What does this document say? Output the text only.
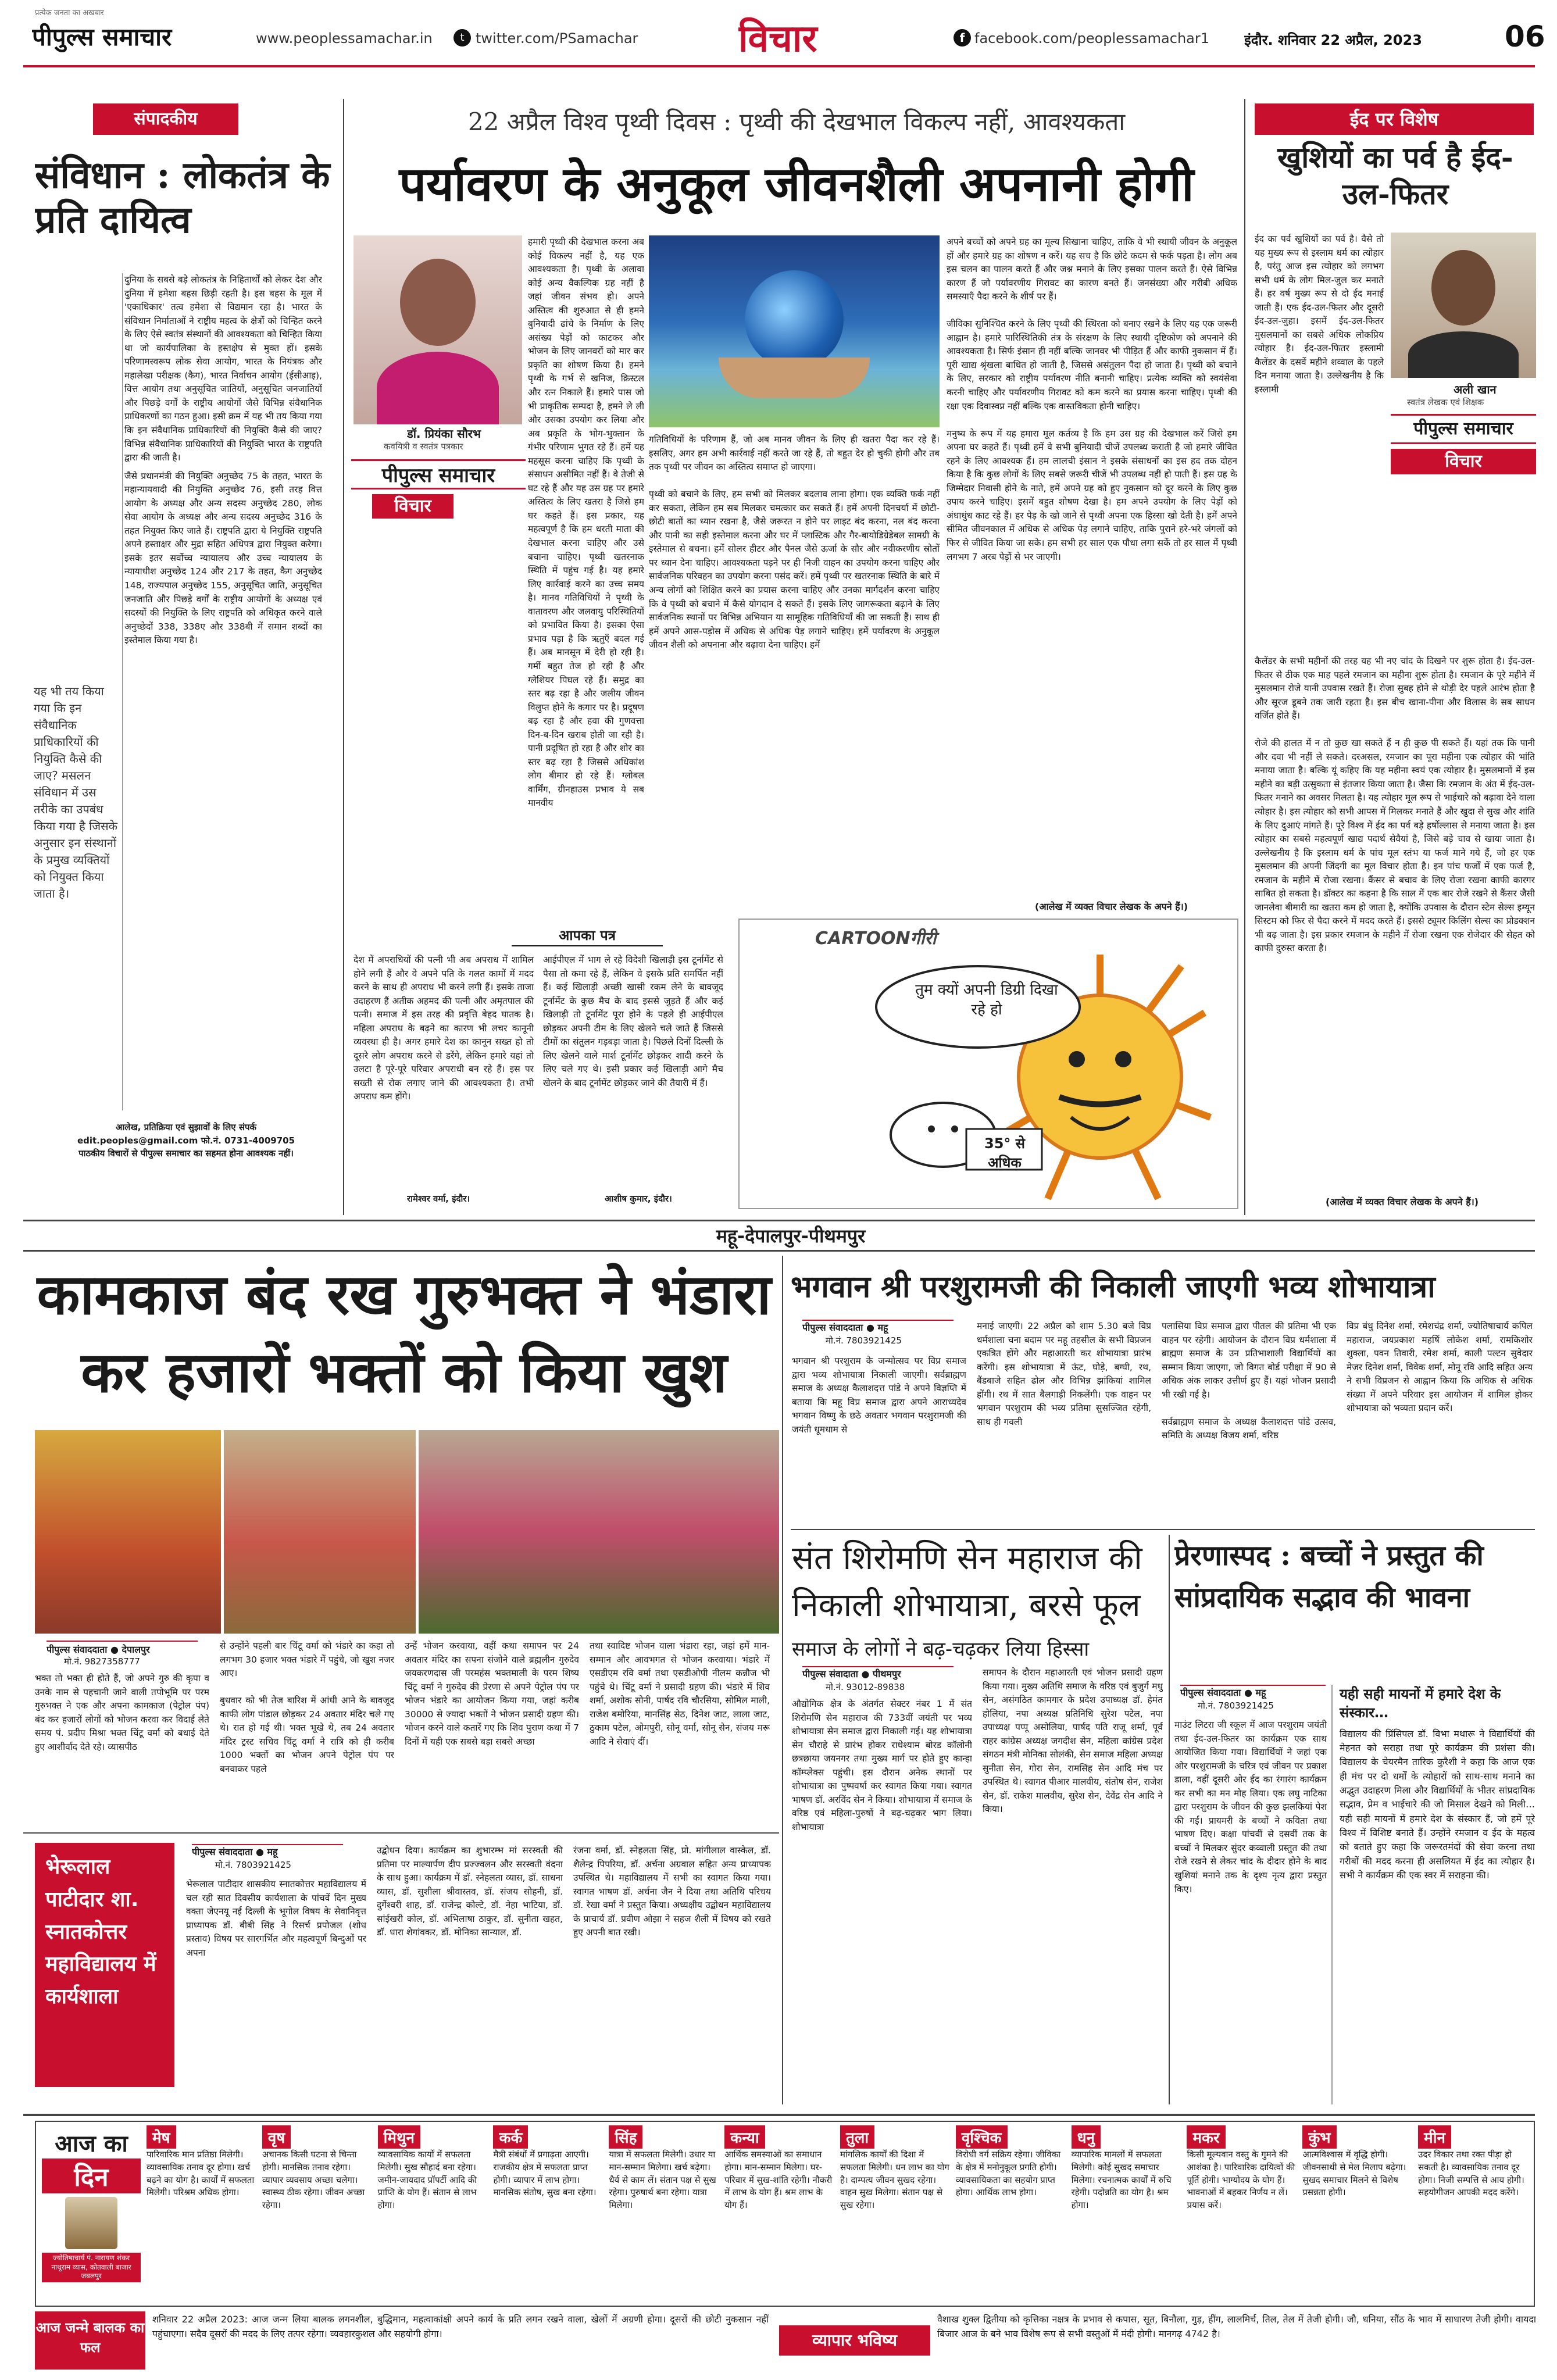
प्रत्येक जनता का अखबार
पीपुल्स समाचार	www.peoplessamachar.in	t twitter.com/PSamachar	विचार	f facebook.com/peoplessamachar1	इंदौर. शनिवार 22 अप्रैल, 2023	06
संपादकीय
संविधान : लोकतंत्र के प्रति दायित्व

दुनिया के सबसे बड़े लोकतंत्र के निहितार्थों को लेकर देश और दुनिया में हमेशा बहस छिड़ी रहती है। इस बहस के मूल में 'एकाधिकार' तत्व हमेशा से विद्यमान रहा है। भारत के संविधान निर्माताओं ने राष्ट्रीय महत्व के क्षेत्रों को चिन्हित करने के लिए ऐसे स्वतंत्र संस्थानों की आवश्यकता को चिन्हित किया था जो कार्यपालिका के हस्तक्षेप से मुक्त हों। इसके परिणामस्वरूप लोक सेवा आयोग, भारत के नियंत्रक और महालेखा परीक्षक (कैग), भारत निर्वाचन आयोग (ईसीआइ), वित्त आयोग तथा अनुसूचित जातियों, अनुसूचित जनजातियों और पिछड़े वर्गों के राष्ट्रीय आयोगों जैसे विभिन्न संवैधानिक प्राधिकरणों का गठन हुआ। इसी क्रम में यह भी तय किया गया कि इन संवैधानिक प्राधिकारियों की नियुक्ति कैसे की जाए? विभिन्न संवैधानिक प्राधिकारियों की नियुक्ति भारत के राष्ट्रपति द्वारा की जाती है।

जैसे प्रधानमंत्री की नियुक्ति अनुच्छेद 75 के तहत, भारत के महान्यायवादी की नियुक्ति अनुच्छेद 76, इसी तरह वित्त आयोग के अध्यक्ष और अन्य सदस्य अनुच्छेद 280, लोक सेवा आयोग के अध्यक्ष और अन्य सदस्य अनुच्छेद 316 के तहत नियुक्त किए जाते हैं। राष्ट्रपति द्वारा ये नियुक्ति राष्ट्रपति अपने हस्ताक्षर और मुद्रा सहित अधिपत्र द्वारा नियुक्त करेगा। इसके इतर सर्वोच्च न्यायालय और उच्च न्यायालय के न्यायाधीश अनुच्छेद 124 और 217 के तहत, कैग अनुच्छेद 148, राज्यपाल अनुच्छेद 155, अनुसूचित जाति, अनुसूचित जनजाति और पिछड़े वर्गों के राष्ट्रीय आयोगों के अध्यक्ष एवं सदस्यों की नियुक्ति के लिए राष्ट्रपति को अधिकृत करने वाले अनुच्छेदों 338, 338ए और 338बी में समान शब्दों का इस्तेमाल किया गया है।

यह भी तय किया गया कि इन संवैधानिक प्राधिकारियों की नियुक्ति कैसे की जाए? मसलन संविधान में उस तरीके का उपबंध किया गया है जिसके अनुसार इन संस्थानों के प्रमुख व्यक्तियों को नियुक्त किया जाता है।
आलेख, प्रतिक्रिया एवं सुझावों के लिए संपर्क
edit.peoples@gmail.com फो.नं. 0731-4009705
पाठकीय विचारों से पीपुल्स समाचार का सहमत होना आवश्यक नहीं।
22 अप्रैल विश्व पृथ्वी दिवस : पृथ्वी की देखभाल विकल्प नहीं, आवश्यकता
पर्यावरण के अनुकूल जीवनशैली अपनानी होगी
डॉ. प्रियंका सौरभ
कवयित्री व स्वतंत्र पत्रकार
पीपुल्स समाचार
विचार
हमारी पृथ्वी की देखभाल करना अब कोई विकल्प नहीं है, यह एक आवश्यकता है। पृथ्वी के अलावा कोई अन्य वैकल्पिक ग्रह नहीं है जहां जीवन संभव हो। अपने अस्तित्व की शुरुआत से ही हमने बुनियादी ढांचे के निर्माण के लिए असंख्य पेड़ों को काटकर और भोजन के लिए जानवरों को मार कर प्रकृति का शोषण किया है। हमने पृथ्वी के गर्भ से खनिज, क्रिस्टल और रत्न निकाले हैं। हमारे पास जो भी प्राकृतिक सम्पदा है, हमने ले ली और उसका उपयोग कर लिया और अब प्रकृति के भोग-भुक्तान के गंभीर परिणाम भुगत रहे हैं। हमें यह महसूस करना चाहिए कि पृथ्वी के संसाधन असीमित नहीं हैं। वे तेजी से घट रहे हैं और यह उस ग्रह पर हमारे अस्तित्व के लिए खतरा है जिसे हम घर कहते हैं। इस प्रकार, यह महत्वपूर्ण है कि हम धरती माता की देखभाल करना चाहिए और उसे बचाना चाहिए। पृथ्वी खतरनाक स्थिति में पहुंच गई है। यह हमारे लिए कार्रवाई करने का उच्च समय है। मानव गतिविधियों ने पृथ्वी के वातावरण और जलवायु परिस्थितियों को प्रभावित किया है। इसका ऐसा प्रभाव पड़ा है कि ऋतुएँ बदल गई हैं। अब मानसून में देरी हो रही है। गर्मी बहुत तेज हो रही है और ग्लेशियर पिघल रहे हैं। समुद्र का स्तर बढ़ रहा है और जलीय जीवन विलुप्त होने के कगार पर है। प्रदूषण बढ़ रहा है और हवा की गुणवत्ता दिन-ब-दिन खराब होती जा रही है। पानी प्रदूषित हो रहा है और शोर का स्तर बढ़ रहा है जिससे अधिकांश लोग बीमार हो रहे हैं। ग्लोबल वार्मिंग, ग्रीनहाउस प्रभाव ये सब मानवीय
गतिविधियों के परिणाम हैं, जो अब मानव जीवन के लिए ही खतरा पैदा कर रहे हैं। इसलिए, अगर हम अभी कार्रवाई नहीं करते जा रहे हैं, तो बहुत देर हो चुकी होगी और तब तक पृथ्वी पर जीवन का अस्तित्व समाप्त हो जाएगा।

पृथ्वी को बचाने के लिए, हम सभी को मिलकर बदलाव लाना होगा। एक व्यक्ति फर्क नहीं कर सकता, लेकिन हम सब मिलकर चमत्कार कर सकते हैं। हमें अपनी दिनचर्या में छोटी-छोटी बातों का ध्यान रखना है, जैसे जरूरत न होने पर लाइट बंद करना, नल बंद करना और पानी का सही इस्तेमाल करना और घर में प्लास्टिक और गैर-बायोडिग्रेडेबल सामग्री के इस्तेमाल से बचना। हमें सोलर हीटर और पैनल जैसे ऊर्जा के सौर और नवीकरणीय स्रोतों पर ध्यान देना चाहिए। आवश्यकता पड़ने पर ही निजी वाहन का उपयोग करना चाहिए और सार्वजनिक परिवहन का उपयोग करना पसंद करें। हमें पृथ्वी पर खतरनाक स्थिति के बारे में अन्य लोगों को शिक्षित करने का प्रयास करना चाहिए और उनका मार्गदर्शन करना चाहिए कि वे पृथ्वी को बचाने में कैसे योगदान दे सकते हैं। इसके लिए जागरूकता बढ़ाने के लिए सार्वजनिक स्थानों पर विभिन्न अभियान या सामूहिक गतिविधियाँ की जा सकती हैं। साथ ही हमें अपने आस-पड़ोस में अधिक से अधिक पेड़ लगाने चाहिए। हमें पर्यावरण के अनुकूल जीवन शैली को अपनाना और बढ़ावा देना चाहिए। हमें
अपने बच्चों को अपने ग्रह का मूल्य सिखाना चाहिए, ताकि वे भी स्थायी जीवन के अनुकूल हों और हमारे ग्रह का शोषण न करें। यह सच है कि छोटे कदम से फर्क पड़ता है। लोग अब इस चलन का पालन करते हैं और जश्न मनाने के लिए इसका पालन करते हैं। ऐसे विभिन्न कारण हैं जो पर्यावरणीय गिरावट का कारण बनते हैं। जनसंख्या और गरीबी अधिक समस्याएँ पैदा करने के शीर्ष पर हैं।

जीविका सुनिश्चित करने के लिए पृथ्वी की स्थिरता को बनाए रखने के लिए यह एक जरूरी आह्वान है। हमारे पारिस्थितिकी तंत्र के संरक्षण के लिए स्थायी दृष्टिकोण को अपनाने की आवश्यकता है। सिर्फ इंसान ही नहीं बल्कि जानवर भी पीड़ित हैं और काफी नुकसान में हैं। पूरी खाद्य श्रृंखला बाधित हो जाती है, जिससे असंतुलन पैदा हो जाता है। पृथ्वी को बचाने के लिए, सरकार को राष्ट्रीय पर्यावरण नीति बनानी चाहिए। प्रत्येक व्यक्ति को स्वयंसेवा करनी चाहिए और पर्यावरणीय गिरावट को कम करने का प्रयास करना चाहिए। पृथ्वी की रक्षा एक दिवास्वप्न नहीं बल्कि एक वास्तविकता होनी चाहिए।

मनुष्य के रूप में यह हमारा मूल कर्तव्य है कि हम उस ग्रह की देखभाल करें जिसे हम अपना घर कहते हैं। पृथ्वी हमें वे सभी बुनियादी चीजें उपलब्ध कराती है जो हमारे जीवित रहने के लिए आवश्यक हैं। हम लालची इंसान ने इसके संसाधनों का इस हद तक दोहन किया है कि कुछ लोगों के लिए सबसे जरूरी चीजें भी उपलब्ध नहीं हो पाती हैं। इस ग्रह के जिम्मेदार निवासी होने के नाते, हमें अपने ग्रह को हुए नुकसान को दूर करने के लिए कुछ उपाय करने चाहिए। इसमें बहुत शोषण देखा है। हम अपने उपयोग के लिए पेड़ों को अंधाधुंध काट रहे हैं। हर पेड़ के खो जाने से पृथ्वी अपना एक हिस्सा खो देती है। हमें अपने सीमित जीवनकाल में अधिक से अधिक पेड़ लगाने चाहिए, ताकि पुराने हरे-भरे जंगलों को फिर से जीवित किया जा सके। हम सभी हर साल एक पौधा लगा सकें तो हर साल में पृथ्वी लगभग 7 अरब पेड़ों से भर जाएगी।
(आलेख में व्यक्त विचार लेखक के अपने हैं।)
आपका पत्र
देश में अपराधियों की पत्नी भी अब अपराध में शामिल होने लगी हैं और वे अपने पति के गलत कामों में मदद करने के साथ ही अपराध भी करने लगी हैं। इसके ताजा उदाहरण हैं अतीक अहमद की पत्नी और अमृतपाल की पत्नी। समाज में इस तरह की प्रवृत्ति बेहद घातक है। महिला अपराध के बढ़ने का कारण भी लचर कानूनी व्यवस्था ही है। अगर हमारे देश का कानून सख्त हो तो दूसरे लोग अपराध करने से डरेंगे, लेकिन हमारे यहां तो उलटा है पूरे-पूरे परिवार अपराधी बन रहे हैं। इस पर सख्ती से रोक लगाए जाने की आवश्यकता है। तभी अपराध कम होंगे।
रामेश्वर वर्मा, इंदौर।
आईपीएल में भाग ले रहे विदेशी खिलाड़ी इस टूर्नामेंट से पैसा तो कमा रहे हैं, लेकिन वे इसके प्रति समर्पित नहीं हैं। कई खिलाड़ी अच्छी खासी रकम लेने के बावजूद टूर्नामेंट के कुछ मैच के बाद इससे जुड़ते हैं और कई खिलाड़ी तो टूर्नामेंट पूरा होने के पहले ही आईपीएल छोड़कर अपनी टीम के लिए खेलने चले जाते हैं जिससे टीमों का संतुलन गड़बड़ा जाता है। पिछले दिनों दिल्ली के लिए खेलने वाले मार्श टूर्नामेंट छोड़कर शादी करने के लिए चले गए थे। इसी प्रकार कई खिलाड़ी आगे मैच खेलने के बाद टूर्नामेंट छोड़कर जाने की तैयारी में हैं।
आशीष कुमार, इंदौर।
CARTOONगीरी
तुम क्यों अपनी डिग्री दिखा रहे हो
35° से अधिक
ईद पर विशेष
खुशियों का पर्व है ईद-उल-फितर
ईद का पर्व खुशियों का पर्व है। वैसे तो यह मुख्य रूप से इस्लाम धर्म का त्योहार है, परंतु आज इस त्योहार को लगभग सभी धर्म के लोग मिल-जुल कर मनाते हैं। हर वर्ष मुख्य रूप से दो ईद मनाई जाती हैं। एक ईद-उल-फितर और दूसरी ईद-उल-जुहा। इसमें ईद-उल-फितर मुसलमानों का सबसे अधिक लोकप्रिय त्योहार है। ईद-उल-फितर इस्लामी कैलेंडर के दसवें महीने शव्वाल के पहले दिन मनाया जाता है। उल्लेखनीय है कि इस्लामी	अली खान
स्वतंत्र लेखक एवं शिक्षक
पीपुल्स समाचार
विचार
कैलेंडर के सभी महीनों की तरह यह भी नए चांद के दिखने पर शुरू होता है। ईद-उल-फितर से ठीक एक माह पहले रमजान का महीना शुरू होता है। रमजान के पूरे महीने में मुसलमान रोजे यानी उपवास रखते हैं। रोजा सुबह होने से थोड़ी देर पहले आरंभ होता है और सूरज डूबने तक जारी रहता है। इस बीच खाना-पीना और विलास के सब साधन वर्जित होते हैं।

रोजे की हालत में न तो कुछ खा सकते हैं न ही कुछ पी सकते हैं। यहां तक कि पानी और दवा भी नहीं ले सकते। दरअसल, रमजान का पूरा महीना एक त्योहार की भांति मनाया जाता है। बल्कि यूं कहिए कि यह महीना स्वयं एक त्योहार है। मुसलमानों में इस महीने का बड़ी उत्सुकता से इंतजार किया जाता है। जैसा कि रमजान के अंत में ईद-उल-फितर मनाने का अवसर मिलता है। यह त्योहार मूल रूप से भाईचारे को बढ़ावा देने वाला त्योहार है। इस त्योहार को सभी आपस में मिलकर मनाते हैं और खुदा से सुख और शांति के लिए दुआएं मांगते हैं। पूरे विश्व में ईद का पर्व बड़े हर्षोल्लास से मनाया जाता है। इस त्योहार का सबसे महत्वपूर्ण खाद्य पदार्थ सेवैयां है, जिसे बड़े चाव से खाया जाता है। उल्लेखनीय है कि इस्लाम धर्म के पांच मूल स्तंभ या फर्ज माने गये हैं, जो हर एक मुसलमान की अपनी जिंदगी का मूल विचार होता है। इन पांच फर्जों में एक फर्ज है, रमजान के महीने में रोजा रखना। कैंसर से बचाव के लिए रोजा रखना काफी कारगर साबित हो सकता है। डॉक्टर का कहना है कि साल में एक बार रोजे रखने से कैंसर जैसी जानलेवा बीमारी का खतरा कम हो जाता है, क्योंकि उपवास के दौरान स्टेम सेल्स इम्यून सिस्टम को फिर से पैदा करने में मदद करते हैं। इससे ट्यूमर किलिंग सेल्स का प्रोडक्शन भी बढ़ जाता है। इस प्रकार रमजान के महीने में रोजा रखना एक रोजेदार की सेहत को काफी दुरुस्त करता है।
(आलेख में व्यक्त विचार लेखक के अपने हैं।)
महू-देपालपुर-पीथमपुर
कामकाज बंद रख गुरुभक्त ने भंडारा कर हजारों भक्तों को किया खुश
पीपुल्स संवाददाता ● देपालपुर
मो.नं. 9827358777
भक्त तो भक्त ही होते हैं, जो अपने गुरु की कृपा व उनके नाम से पहचानी जाने वाली तपोभूमि पर परम गुरुभक्त ने एक और अपना कामकाज (पेट्रोल पंप) बंद कर हजारों लोगों को भोजन करवा कर विदाई लेते समय पं. प्रदीप मिश्रा भक्त चिंटू वर्मा को बधाई देते हुए आशीर्वाद देते रहे। व्यासपीठ
से उन्होंने पहली बार चिंटू वर्मा को भंडारे का कहा तो लगभग 30 हजार भक्त भंडारे में पहुंचे, जो खुश नजर आए।

बुधवार को भी तेज बारिश में आंधी आने के बावजूद काफी लोग पांडाल छोड़कर 24 अवतार मंदिर चले गए थे। रात हो गई थी। भक्त भूखे थे, तब 24 अवतार मंदिर ट्रस्ट सचिव चिंटू वर्मा ने रात्रि को ही करीब 1000 भक्तों का भोजन अपने पेट्रोल पंप पर बनवाकर पहले
उन्हें भोजन करवाया, वहीं कथा समापन पर 24 अवतार मंदिर का सपना संजोने वाले ब्रह्मलीन गुरुदेव जयकरणदास जी परमहंस भक्तमाली के परम शिष्य चिंटू वर्मा ने गुरुदेव की प्रेरणा से अपने पेट्रोल पंप पर भोजन भंडारे का आयोजन किया गया, जहां करीब 30000 से ज्यादा भक्तों ने भोजन प्रसादी ग्रहण की। भोजन करने वाले कतारें गए कि शिव पुराण कथा में 7 दिनों में यही एक सबसे बड़ा सबसे अच्छा
तथा स्वादिष्ट भोजन वाला भंडारा रहा, जहां हमें मान-सम्मान और आवभगत से भोजन करवाया। भंडारे में एसडीएम रवि वर्मा तथा एसडीओपी नीलम कन्नौज भी पहुंचे थे। चिंटू वर्मा ने प्रसादी ग्रहण की। भंडारे में शिव शर्मा, अशोक सोनी, पार्षद रवि चौरसिया, सोमिल माली, राजेश बमोरिया, मानसिंह सेठ, दिनेश जाट, लाला जाट, ठुकाम पटेल, ओमपुरी, सोनू वर्मा, सोनू सेन, संजय मरू आदि ने सेवाएं दीं।
भगवान श्री परशुरामजी की निकाली जाएगी भव्य शोभायात्रा
पीपुल्स संवाददाता ● महू
मो.नं. 7803921425
भगवान श्री परशुराम के जन्मोत्सव पर विप्र समाज द्वारा भव्य शोभायात्रा निकाली जाएगी। सर्वब्राह्मण समाज के अध्यक्ष कैलाशदत्त पांडे ने अपने विज्ञप्ति में बताया कि महू विप्र समाज द्वारा अपने आराध्यदेव भगवान विष्णु के छठे अवतार भगवान परशुरामजी की जयंती धूमधाम से
मनाई जाएगी। 22 अप्रैल को शाम 5.30 बजे विप्र धर्मशाला चना बदाम पर महू तहसील के सभी विप्रजन एकत्रित होंगे और महाआरती कर शोभायात्रा प्रारंभ करेंगी। इस शोभायात्रा में ऊंट, घोड़े, बग्घी, रथ, बैंडबाजे सहित ढोल और विभिन्न झांकियां शामिल होंगी। रथ में सात बैलगाड़ी निकलेंगी। एक वाहन पर भगवान परशुराम की भव्य प्रतिमा सुसज्जित रहेगी, साथ ही गवली
पलासिया विप्र समाज द्वारा पीतल की प्रतिमा भी एक वाहन पर रहेगी। आयोजन के दौरान विप्र धर्मशाला में ब्राह्मण समाज के उन प्रतिभाशाली विद्यार्थियों का सम्मान किया जाएगा, जो विगत बोर्ड परीक्षा में 90 से अधिक अंक लाकर उत्तीर्ण हुए हैं। यहां भोजन प्रसादी भी रखी गई है।

सर्वब्राह्मण समाज के अध्यक्ष कैलाशदत्त पांडे उत्सव, समिति के अध्यक्ष विजय शर्मा, वरिष्ठ
विप्र बंधु दिनेश शर्मा, रमेशचंद्र शर्मा, ज्योतिषाचार्य कपिल महाराज, जयप्रकाश महर्षि लोकेश शर्मा, रामकिशोर शुक्ला, पवन तिवारी, रमेश शर्मा, काली पल्टन सुवेदार मेजर दिनेश शर्मा, विवेक शर्मा, मोनू रवि आदि सहित अन्य ने सभी विप्रजन से आह्वान किया कि अधिक से अधिक संख्या में अपने परिवार इस आयोजन में शामिल होकर शोभायात्रा को भव्यता प्रदान करें।
संत शिरोमणि सेन महाराज की निकाली शोभायात्रा, बरसे फूल
समाज के लोगों ने बढ़-चढ़कर लिया हिस्सा
पीपुल्स संवादाता ● पीथमपुर
मो.नं. 93012-89838
औद्योगिक क्षेत्र के अंतर्गत सेक्टर नंबर 1 में संत शिरोमणि सेन महाराज की 733वीं जयंती पर भव्य शोभायात्रा सेन समाज द्वारा निकाली गई। यह शोभायात्रा सेन चौराहे से प्रारंभ होकर राधेश्याम बोरड कॉलोनी छत्रछाया जयनगर तथा मुख्य मार्ग पर होते हुए कान्हा कॉम्प्लेक्स पहुंची। इस दौरान अनेक स्थानों पर शोभायात्रा का पुष्पवर्षा कर स्वागत किया गया। स्वागत भाषण डॉ. अरविंद सेन ने किया। शोभायात्रा में समाज के वरिष्ठ एवं महिला-पुरुषों ने बढ़-चढ़कर भाग लिया। शोभायात्रा
समापन के दौरान महाआरती एवं भोजन प्रसादी ग्रहण किया गया। मुख्य अतिथि समाज के वरिष्ठ एवं बुजुर्ग मधु सेन, असंगठित कामगार के प्रदेश उपाध्यक्ष डॉ. हेमंत होलिया, नपा अध्यक्ष प्रतिनिधि सुरेश पटेल, नपा उपाध्यक्ष पप्पू असोलिया, पार्षद पति राजू शर्मा, पूर्व राहर कांग्रेस अध्यक्ष जगदीश सेन, महिला कांग्रेस प्रदेश संगठन मंत्री मोनिका सोलंकी, सेन समाज महिला अध्यक्ष सुनीता सेन, गोरा सेन, रामसिंह सेन आदि मंच पर उपस्थित थे। स्वागत पीआर मालवीय, संतोष सेन, राजेश सेन, डॉ. राकेश मालवीय, सुरेश सेन, देवेंद्र सेन आदि ने किया।
प्रेरणास्पद : बच्चों ने प्रस्तुत की सांप्रदायिक सद्भाव की भावना
पीपुल्स संवाददाता ● महू
मो.नं. 7803921425
माउंट लिटरा जी स्कूल में आज परशुराम जयंती तथा ईद-उल-फितर का कार्यक्रम एक साथ आयोजित किया गया। विद्यार्थियों ने जहां एक ओर परशुरामजी के चरित्र एवं जीवन पर प्रकाश डाला, वहीं दूसरी ओर ईद का रंगारंग कार्यक्रम कर सभी का मन मोह लिया। एक लघु नाटिका द्वारा परशुराम के जीवन की कुछ झलकियां पेश की गईं। प्रायमरी के बच्चों ने कविता तथा भाषण दिए। कक्षा पांचवीं से दसवीं तक के बच्चों ने मिलकर सुंदर कव्वाली प्रस्तुत की तथा रोजे रखने से लेकर चांद के दीदार होने के बाद खुशियां मनाने तक के दृश्य नृत्य द्वारा प्रस्तुत किए।
यही सही मायनों में हमारे देश के संस्कार…
विद्यालय की प्रिंसिपल डॉ. विभा मथारू ने विद्यार्थियों की मेहनत को सराहा तथा पूरे कार्यक्रम की प्रशंसा की। विद्यालय के चेयरमैन तारिक कुरैशी ने कहा कि आज एक ही मंच पर दो धर्मों के त्योहारों को साथ-साथ मनाने का अद्भुत उदाहरण मिला और विद्यार्थियों के भीतर सांप्रदायिक सद्भाव, प्रेम व भाईचारे की जो मिसाल देखने को मिली… यही सही मायनों में हमारे देश के संस्कार हैं, जो हमें पूरे विश्व में विशिष्ट बनाते हैं। उन्होंने रमजान व ईद के महत्व को बताते हुए कहा कि जरूरतमंदों की सेवा करना तथा गरीबों की मदद करना ही असलियत में ईद का त्योहार है। सभी ने कार्यक्रम की एक स्वर में सराहना की।
भेरूलाल पाटीदार शा. स्नातकोत्तर महाविद्यालय में कार्यशाला
पीपुल्स संवाददाता ● महू
मो.नं. 7803921425
भेरूलाल पाटीदार शासकीय स्नातकोत्तर महाविद्यालय में चल रही सात दिवसीय कार्यशाला के पांचवें दिन मुख्य वक्ता जेएनयू नई दिल्ली के भूगोल विषय के सेवानिवृत्त प्राध्यापक डॉ. बीबी सिंह ने रिसर्च प्रपोजल (शोध प्रस्ताव) विषय पर सारगर्भित और महत्वपूर्ण बिन्दुओं पर अपना
उद्बोधन दिया। कार्यक्रम का शुभारम्भ मां सरस्वती की प्रतिमा पर माल्यार्पण दीप प्रज्ज्वलन और सरस्वती वंदना के साथ हुआ। कार्यक्रम में डॉ. स्नेहलता व्यास, डॉ. साधना व्यास, डॉ. सुशीला श्रीवास्तव, डॉ. संजय सोहनी, डॉ. दुर्गेश्वरी शाह, डॉ. राजेन्द्र कोल्टे, डॉ. नेहा भाटिया, डॉ. सांईखरी कोल, डॉ. अभिलाषा ठाकुर, डॉ. सुनीता खहत, डॉ. धारा शेगांवकर, डॉ. मोनिका सान्याल, डॉ.
रंजना वर्मा, डॉ. स्नेहलता सिंह, प्रो. मांगीलाल वास्केल, डॉ. शैलेन्द्र पिपरिया, डॉ. अर्चना अग्रवाल सहित अन्य प्राध्यापक उपस्थित थे। महाविद्यालय में सभी का स्वागत किया गया। स्वागत भाषण डॉ. अर्चना जैन ने दिया तथा अतिथि परिचय डॉ. रेखा वर्मा ने प्रस्तुत किया। अध्यक्षीय उद्बोधन महाविद्यालय के प्राचार्य डॉ. प्रवीण ओझा ने सहज शैली में विषय को रखते हुए अपनी बात रखी।
आज का
दिन
ज्योतिषाचार्य पं. नारायण शंकर नाथूराम व्यास, कोतवाली बाजार जबलपुर
मेष
पारिवारिक मान प्रतिष्ठा मिलेगी। व्यावसायिक तनाव दूर होगा। खर्च बढ़ने का योग है। कार्यों में सफलता मिलेगी। परिश्रम अधिक होगा।
वृष
अचानक किसी घटना से चिन्ता होगी। मानसिक तनाव रहेगा। व्यापार व्यवसाय अच्छा चलेगा। स्वास्थ्य ठीक रहेगा। जीवन अच्छा रहेगा।
मिथुन
व्यावसायिक कार्यों में सफलता मिलेगी। सुख सौहार्द बना रहेगा। जमीन-जायदाद प्रॉपर्टी आदि की प्राप्ति के योग हैं। संतान से लाभ होगा।
कर्क
मैत्री संबंधों में प्रगाढ़ता आएगी। राजकीय क्षेत्र में सफलता प्राप्त होगी। व्यापार में लाभ होगा। मानसिक संतोष, सुख बना रहेगा।
सिंह
यात्रा में सफलता मिलेगी। उधार या मान-सम्मान मिलेगा। खर्च बढ़ेगा। धैर्य से काम लें। संतान पक्ष से सुख रहेगा। पुरुषार्थ बना रहेगा। यात्रा मिलेगा।
कन्या
आर्थिक समस्याओं का समाधान होगा। मान-सम्मान मिलेगा। घर-परिवार में सुख-शांति रहेगी। नौकरी में लाभ के योग हैं। श्रम लाभ के योग हैं।
तुला
मांगलिक कार्यों की दिशा में सफलता मिलेगी। धन लाभ का योग है। दाम्पत्य जीवन सुखद रहेगा। वाहन सुख मिलेगा। संतान पक्ष से सुख रहेगा।
वृश्चिक
विरोधी वर्ग सक्रिय रहेगा। जीविका के क्षेत्र में मनोनुकूल प्रगति होगी। व्यावसायिकता का सहयोग प्राप्त होगा। आर्थिक लाभ होगा।
धनु
व्यापारिक मामलों में सफलता मिलेगी। कोई सुखद समाचार मिलेगा। रचनात्मक कार्यों में रुचि रहेगी। पदोन्नति का योग है। श्रम होगा।
मकर
किसी मूल्यवान वस्तु के गुमने की आशंका है। पारिवारिक दायित्वों की पूर्ति होगी। भाग्योदय के योग हैं। भावनाओं में बहकर निर्णय न लें। प्रयास करें।
कुंभ
आत्मविश्वास में वृद्धि होगी। जीवनसाथी से मेल मिलाप बढ़ेगा। सुखद समाचार मिलने से विशेष प्रसन्नता होगी।
मीन
उदर विकार तथा रक्त पीड़ा हो सकती है। व्यावसायिक तनाव दूर होगा। निजी सम्पत्ति से आय होगी। सहयोगीजन आपकी मदद करेंगे।
आज जन्मे बालक का फल
शनिवार 22 अप्रैल 2023: आज जन्म लिया बालक लगनशील, बुद्धिमान, महत्वाकांक्षी अपने कार्य के प्रति लगन रखने वाला, खेलों में अग्रणी होगा। दूसरों की छोटी नुकसान नहीं पहुंचाएगा। सदैव दूसरों की मदद के लिए तत्पर रहेगा। व्यवहारकुशल और सहयोगी होगा।	व्यापार भविष्य
वैशाख शुक्ल द्वितीया को कृत्तिका नक्षत्र के प्रभाव से कपास, सूत, बिनौला, गुड़, हींग, लालमिर्च, तिल, तेल में तेजी होगी। जौ, धनिया, सौंठ के भाव में साधारण तेजी होगी। वायदा बिजार आज के बने भाव विशेष रूप से सभी वस्तुओं में मंदी होगी। मानगढ़ 4742 है।
